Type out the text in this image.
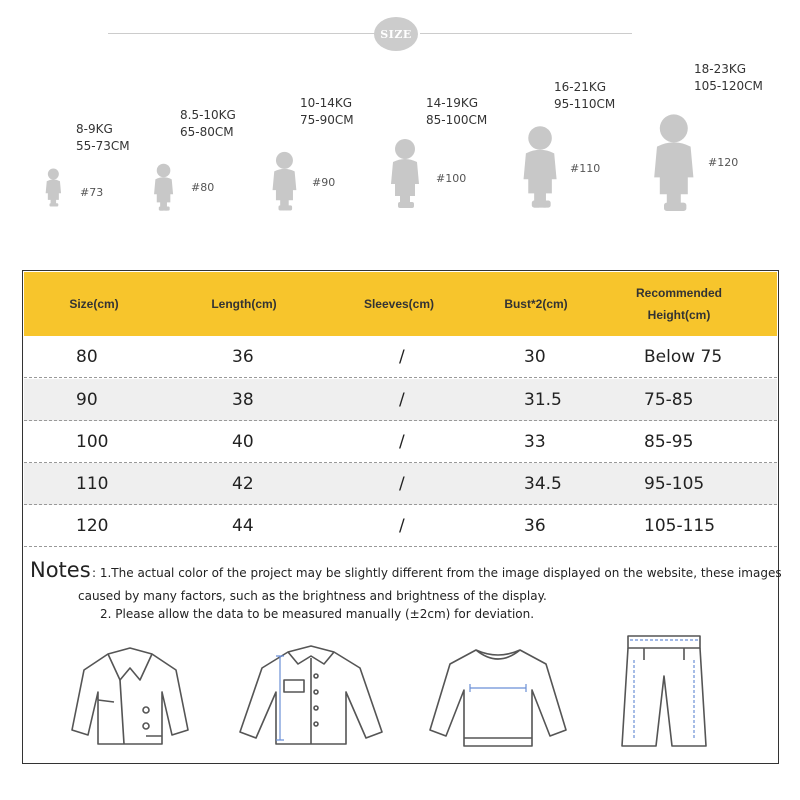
SIZE
8-9KG
55-73CM
#73
8.5-10KG
65-80CM
#80
10-14KG
75-90CM
#90
14-19KG
85-100CM
#100
16-21KG
95-110CM
#110
18-23KG
105-120CM
#120
Size(cm)	Length(cm)	Sleeves(cm)	Bust*2(cm)
Recommended
Height(cm)
80	36	/	30	Below 75
90	38	/	31.5	75-85
100	40	/	33	85-95
110	42	/	34.5	95-105
120	44	/	36	105-115
Notes : 1.The actual color of the project may be slightly different from the image displayed on the website, these images
caused by many factors, such as the brightness and brightness of the display.
2. Please allow the data to be measured manually (±2cm) for deviation.
